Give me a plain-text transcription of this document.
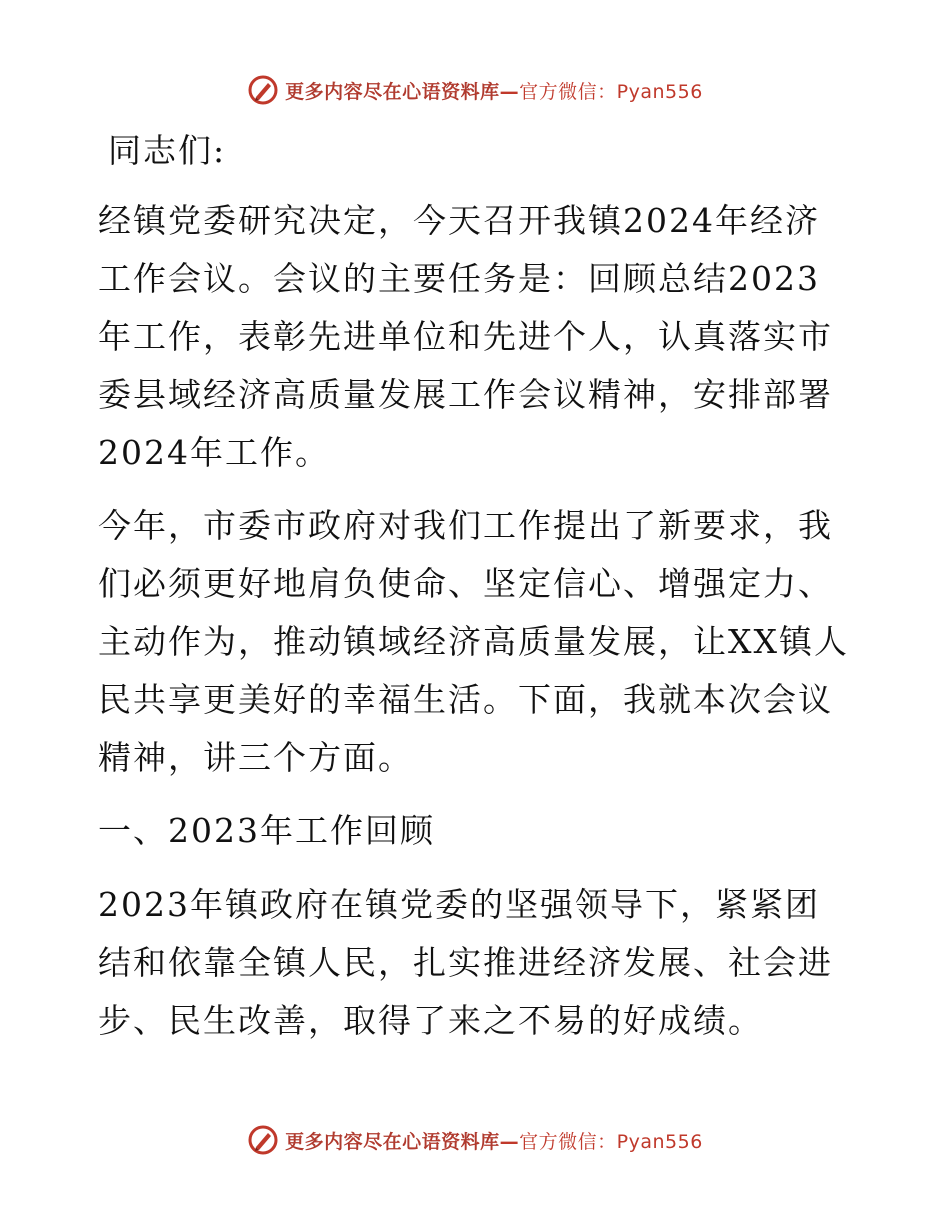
更多内容尽在心语资料库—官方微信：Pyan556

同志们:

经镇党委研究决定，今天召开我镇2024年经济工作会议。会议的主要任务是：回顾总结2023年工作，表彰先进单位和先进个人，认真落实市委县域经济高质量发展工作会议精神，安排部署2024年工作。

今年，市委市政府对我们工作提出了新要求，我们必须更好地肩负使命、坚定信心、增强定力、主动作为，推动镇域经济高质量发展，让XX镇人民共享更美好的幸福生活。下面，我就本次会议精神，讲三个方面。

一、2023年工作回顾

2023年镇政府在镇党委的坚强领导下，紧紧团结和依靠全镇人民，扎实推进经济发展、社会进步、民生改善，取得了来之不易的好成绩。

更多内容尽在心语资料库—官方微信：Pyan556
